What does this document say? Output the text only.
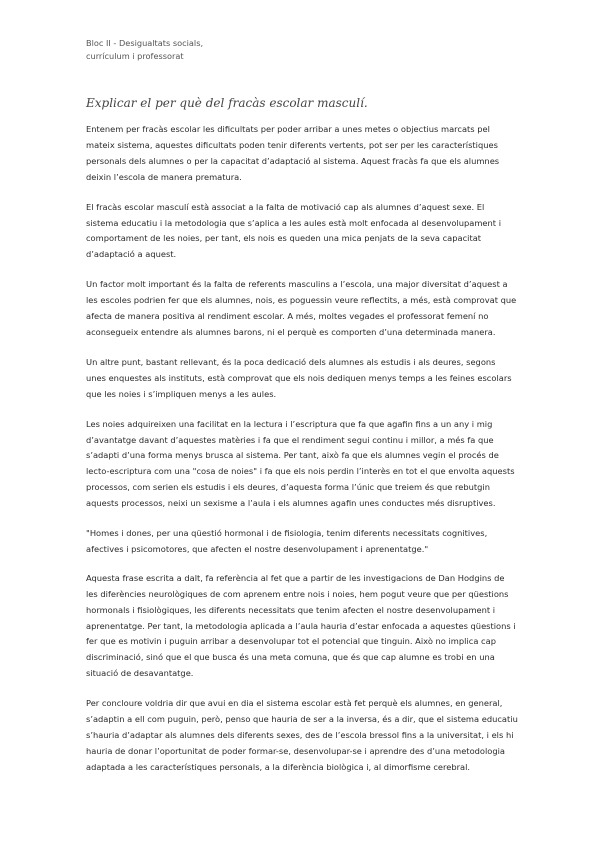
Bloc II - Desigualtats socials,
currículum i professorat
Explicar el per què del fracàs escolar masculí.

Entenem per fracàs escolar les dificultats per poder arribar a unes metes o objectius marcats pel mateix sistema, aquestes dificultats poden tenir diferents vertents, pot ser per les característiques personals dels alumnes o per la capacitat d’adaptació al sistema. Aquest fracàs fa que els alumnes deixin l’escola de manera prematura.

El fracàs escolar masculí està associat a la falta de motivació cap als alumnes d’aquest sexe. El sistema educatiu i la metodologia que s’aplica a les aules està molt enfocada al desenvolupament i comportament de les noies, per tant, els nois es queden una mica penjats de la seva capacitat d’adaptació a aquest.

Un factor molt important és la falta de referents masculins a l’escola, una major diversitat d’aquest a les escoles podrien fer que els alumnes, nois, es poguessin veure reflectits, a més, està comprovat que afecta de manera positiva al rendiment escolar. A més, moltes vegades el professorat femení no aconsegueix entendre als alumnes barons, ni el perquè es comporten d’una determinada manera.

Un altre punt, bastant rellevant, és la poca dedicació dels alumnes als estudis i als deures, segons unes enquestes als instituts, està comprovat que els nois dediquen menys temps a les feines escolars que les noies i s’impliquen menys a les aules.

Les noies adquireixen una facilitat en la lectura i l’escriptura que fa que agafin fins a un any i mig d’avantatge davant d’aquestes matèries i fa que el rendiment segui continu i millor, a més fa que s’adapti d’una forma menys brusca al sistema. Per tant, això fa que els alumnes vegin el procés de lecto-escriptura com una "cosa de noies" i fa que els nois perdin l’interès en tot el que envolta aquests processos, com serien els estudis i els deures, d’aquesta forma l’únic que treiem és que rebutgin aquests processos, neixi un sexisme a l’aula i els alumnes agafin unes conductes més disruptives.

"Homes i dones, per una qüestió hormonal i de fisiologia, tenim diferents necessitats cognitives, afectives i psicomotores, que afecten el nostre desenvolupament i aprenentatge."

Aquesta frase escrita a dalt, fa referència al fet que a partir de les investigacions de Dan Hodgins de les diferències neurològiques de com aprenem entre nois i noies, hem pogut veure que per qüestions hormonals i fisiològiques, les diferents necessitats que tenim afecten el nostre desenvolupament i aprenentatge. Per tant, la metodologia aplicada a l’aula hauria d’estar enfocada a aquestes qüestions i fer que es motivin i puguin arribar a desenvolupar tot el potencial que tinguin. Això no implica cap discriminació, sinó que el que busca és una meta comuna, que és que cap alumne es trobi en una situació de desavantatge.

Per concloure voldria dir que avui en dia el sistema escolar està fet perquè els alumnes, en general, s’adaptin a ell com puguin, però, penso que hauria de ser a la inversa, és a dir, que el sistema educatiu s’hauria d’adaptar als alumnes dels diferents sexes, des de l’escola bressol fins a la universitat, i els hi hauria de donar l’oportunitat de poder formar-se, desenvolupar-se i aprendre des d’una metodologia adaptada a les característiques personals, a la diferència biològica i, al dimorfisme cerebral.
